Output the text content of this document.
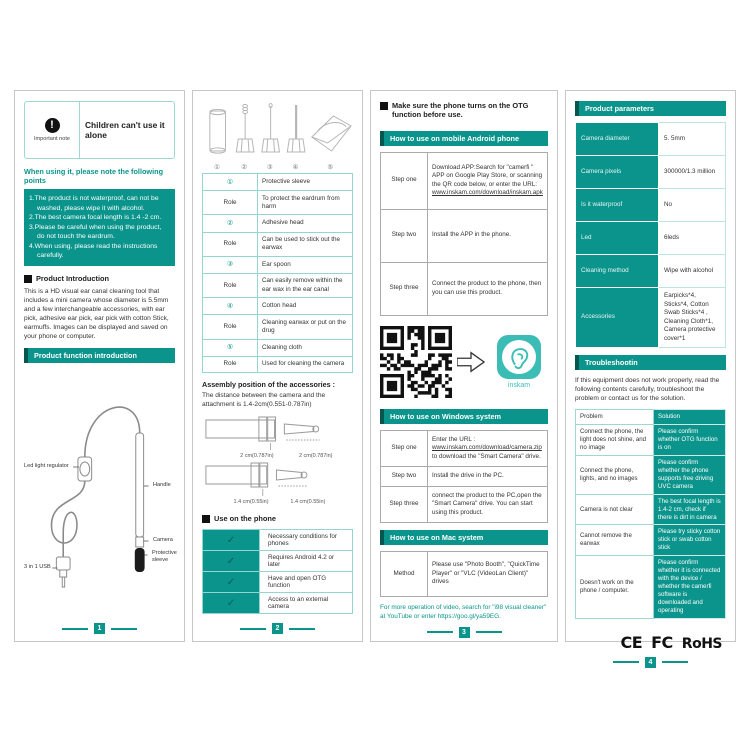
!
Important note
Children can't use it alone
When using it, please note the following points
1.The product is not waterproof, can not be washed, please wipe it with alcohol.
2.The best camera focal length is 1.4 -2 cm.
3.Please be careful when using the product, do not touch the eardrum.
4.When using, please read the instructions carefully.
Product Introduction
This is a HD visual ear canal cleaning tool that includes a mini camera whose diameter is 5.5mm and a few interchangeable accessories, with ear pick, adhesive ear pick, ear pick with cotton Stick, earmuffs. Images can be displayed and saved on your phone or computer.
Product function introduction
Led light regulator
Handle
Camera
Protective sleeve
3 in 1 USB
1
①	②	③	④	⑤
①	Protective sleeve
Role	To protect the eardrum from harm
②	Adhesive head
Role	Can be used to stick out the earwax
③	Ear spoon
Role	Can easily remove within the ear wax in the ear canal
④	Cotton head
Role	Cleaning earwax or put on the drug
⑤	Cleaning cloth
Role	Used for cleaning the camera
Assembly position of the accessories :
The distance between the camera and the attachment is 1.4-2cm(0.551-0.787in)
2 cm(0.787in)	2 cm(0.787in)
1.4 cm(0.55in)	1.4 cm(0.55in)
Use on the phone
✓	Necessary conditions for phones
✓	Requires Android 4.2 or later
✓	Have and open OTG function
✓	Access to an external camera
2
Make sure the phone turns on the OTG function before use.
How to use on mobile Android phone
Step one	Download APP:Search for "camerfi " APP on Google Play Store, or scanning the QR code below, or enter the URL: www.inskam.com/download/inskam.apk
Step two	Install the APP in the phone.
Step three	Connect the product to the phone, then you can use this product.
inskam
How to use on Windows system
Step one	Enter the URL : www.inskam.com/download/camera.zip to download the "Smart Camera" drive.
Step two	Install the drive in the PC.
Step three	connect the product to the PC,open the "Smart Camera" drive. You can start using this product.
How to use on Mac system
Method	Please use "Photo Booth", "QuickTime Player" or "VLC (VideoLan Client)" drives
For more operation of video, search for "i98 visual cleaner" at YouTube or enter https://goo.gl/ya59EG.
3
Product parameters
Camera diameter	5. 5mm
Camera pixels	300000/1.3 million
Is it waterproof	No
Led	6leds
Cleaning method	Wipe with alcohol
Accessories	Earpicks*4, Sticks*4, Cotton Swab Sticks*4 , Cleaning Cloth*1, Camera protective cover*1
Troubleshootin
If this equipment does not work properly, read the following contents carefully, troubleshoot the problem or contact us for the solution.
Problem	Solution
Connect the phone, the light does not shine, and no image	Please confirm whether OTG function is on
Connect the phone, lights, and no images	Please confirm whether the phone supports free driving UVC camera
Camera is not clear	The best focal length is 1.4-2 cm, check if there is dirt in camera
Cannot remove the earwax	Please try sticky cotton stick or swab cotton stick
Doesn't work on the phone / computer.	Please confirm whether it is connected with the device / whether the camerfi software is downloaded and operating
CE FC RoHS
4
